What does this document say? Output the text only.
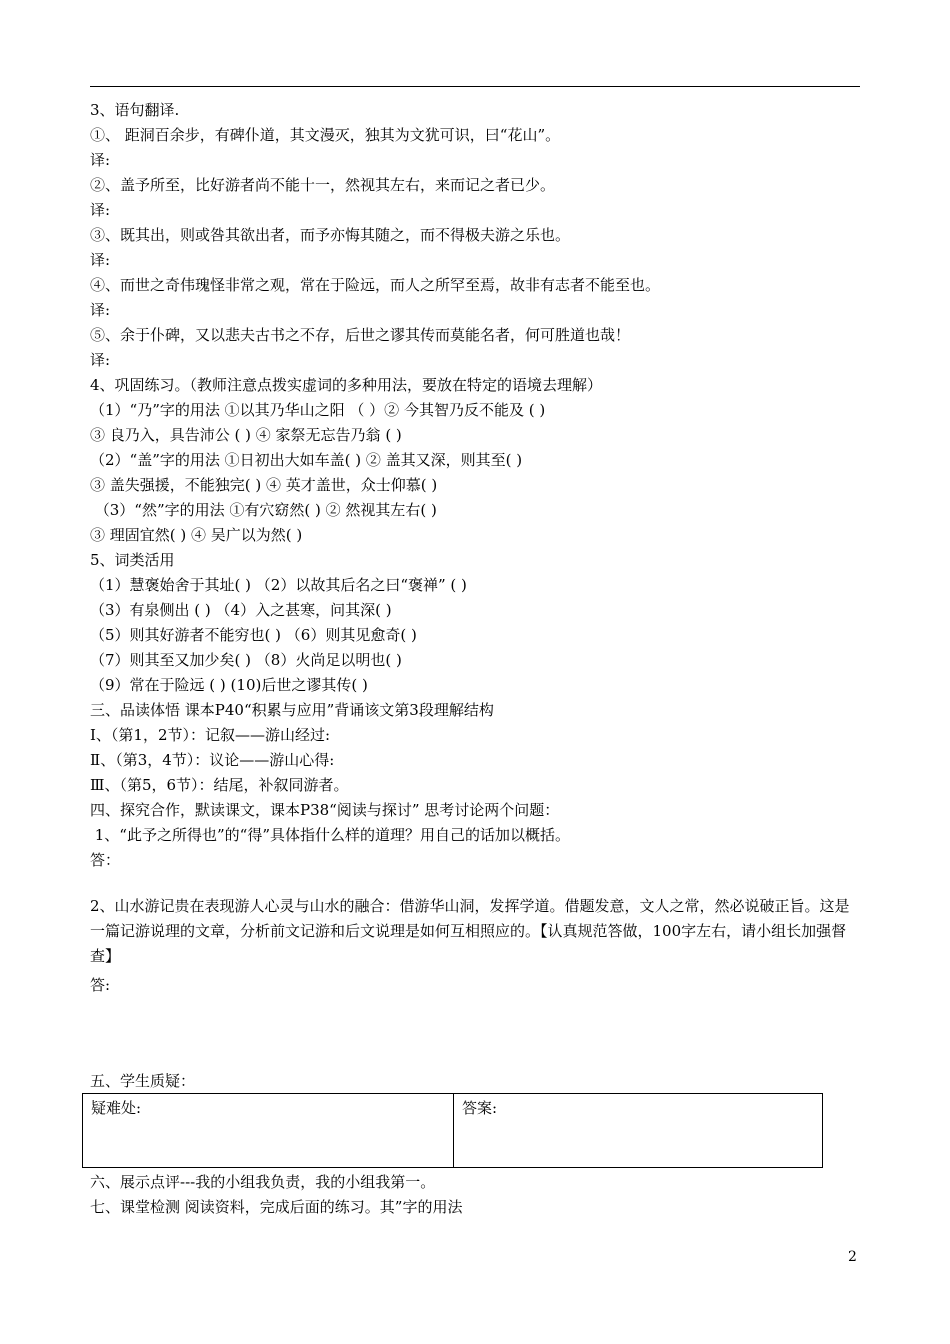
3、语句翻译.
①、 距洞百余步，有碑仆道，其文漫灭，独其为文犹可识，曰“花山”。
译:
②、盖予所至，比好游者尚不能十一，然视其左右，来而记之者已少。
译:
③、既其出，则或咎其欲出者，而予亦悔其随之，而不得极夫游之乐也。
译:
④、而世之奇伟瑰怪非常之观，常在于险远，而人之所罕至焉，故非有志者不能至也。
译:
⑤、余于仆碑，又以悲夫古书之不存，后世之谬其传而莫能名者，何可胜道也哉！
译:
4、巩固练习。（教师注意点拨实虚词的多种用法，要放在特定的语境去理解）
（1）“乃”字的用法 ①以其乃华山之阳 （ ）② 今其智乃反不能及 ( )
③ 良乃入，具告沛公 ( ) ④ 家祭无忘告乃翁 ( )
（2）“盖”字的用法 ①日初出大如车盖( ) ② 盖其又深，则其至( )
③ 盖失强援，不能独完( ) ④ 英才盖世，众士仰慕( )
（3）“然”字的用法 ①有穴窈然( ) ② 然视其左右( )
③ 理固宜然( ) ④ 吴广以为然( )
5、词类活用
（1）慧褒始舍于其址( ) （2）以故其后名之曰“褒禅” ( )
（3）有泉侧出 ( ) （4）入之甚寒，问其深( )
（5）则其好游者不能穷也( ) （6）则其见愈奇( )
（7）则其至又加少矣( ) （8）火尚足以明也( )
（9）常在于险远 ( ) (10)后世之谬其传( )
三、品读体悟 课本P40“积累与应用”背诵该文第3段理解结构
Ⅰ、（第1，2节）：记叙——游山经过:
Ⅱ、（第3，4节）：议论——游山心得:
Ⅲ、（第5，6节）：结尾，补叙同游者。
四、探究合作，默读课文，课本P38“阅读与探讨” 思考讨论两个问题：
1、“此予之所得也”的“得”具体指什么样的道理？用自己的话加以概括。
答：
2、山水游记贵在表现游人心灵与山水的融合：借游华山洞，发挥学道。借题发意，文人之常，然必说破正旨。这是一篇记游说理的文章，分析前文记游和后文说理是如何互相照应的。【认真规范答做，100字左右，请小组长加强督查】
答:
五、学生质疑：
疑难处:	答案:
六、展示点评---我的小组我负责，我的小组我第一。
七、课堂检测 阅读资料，完成后面的练习。其”字的用法
2
